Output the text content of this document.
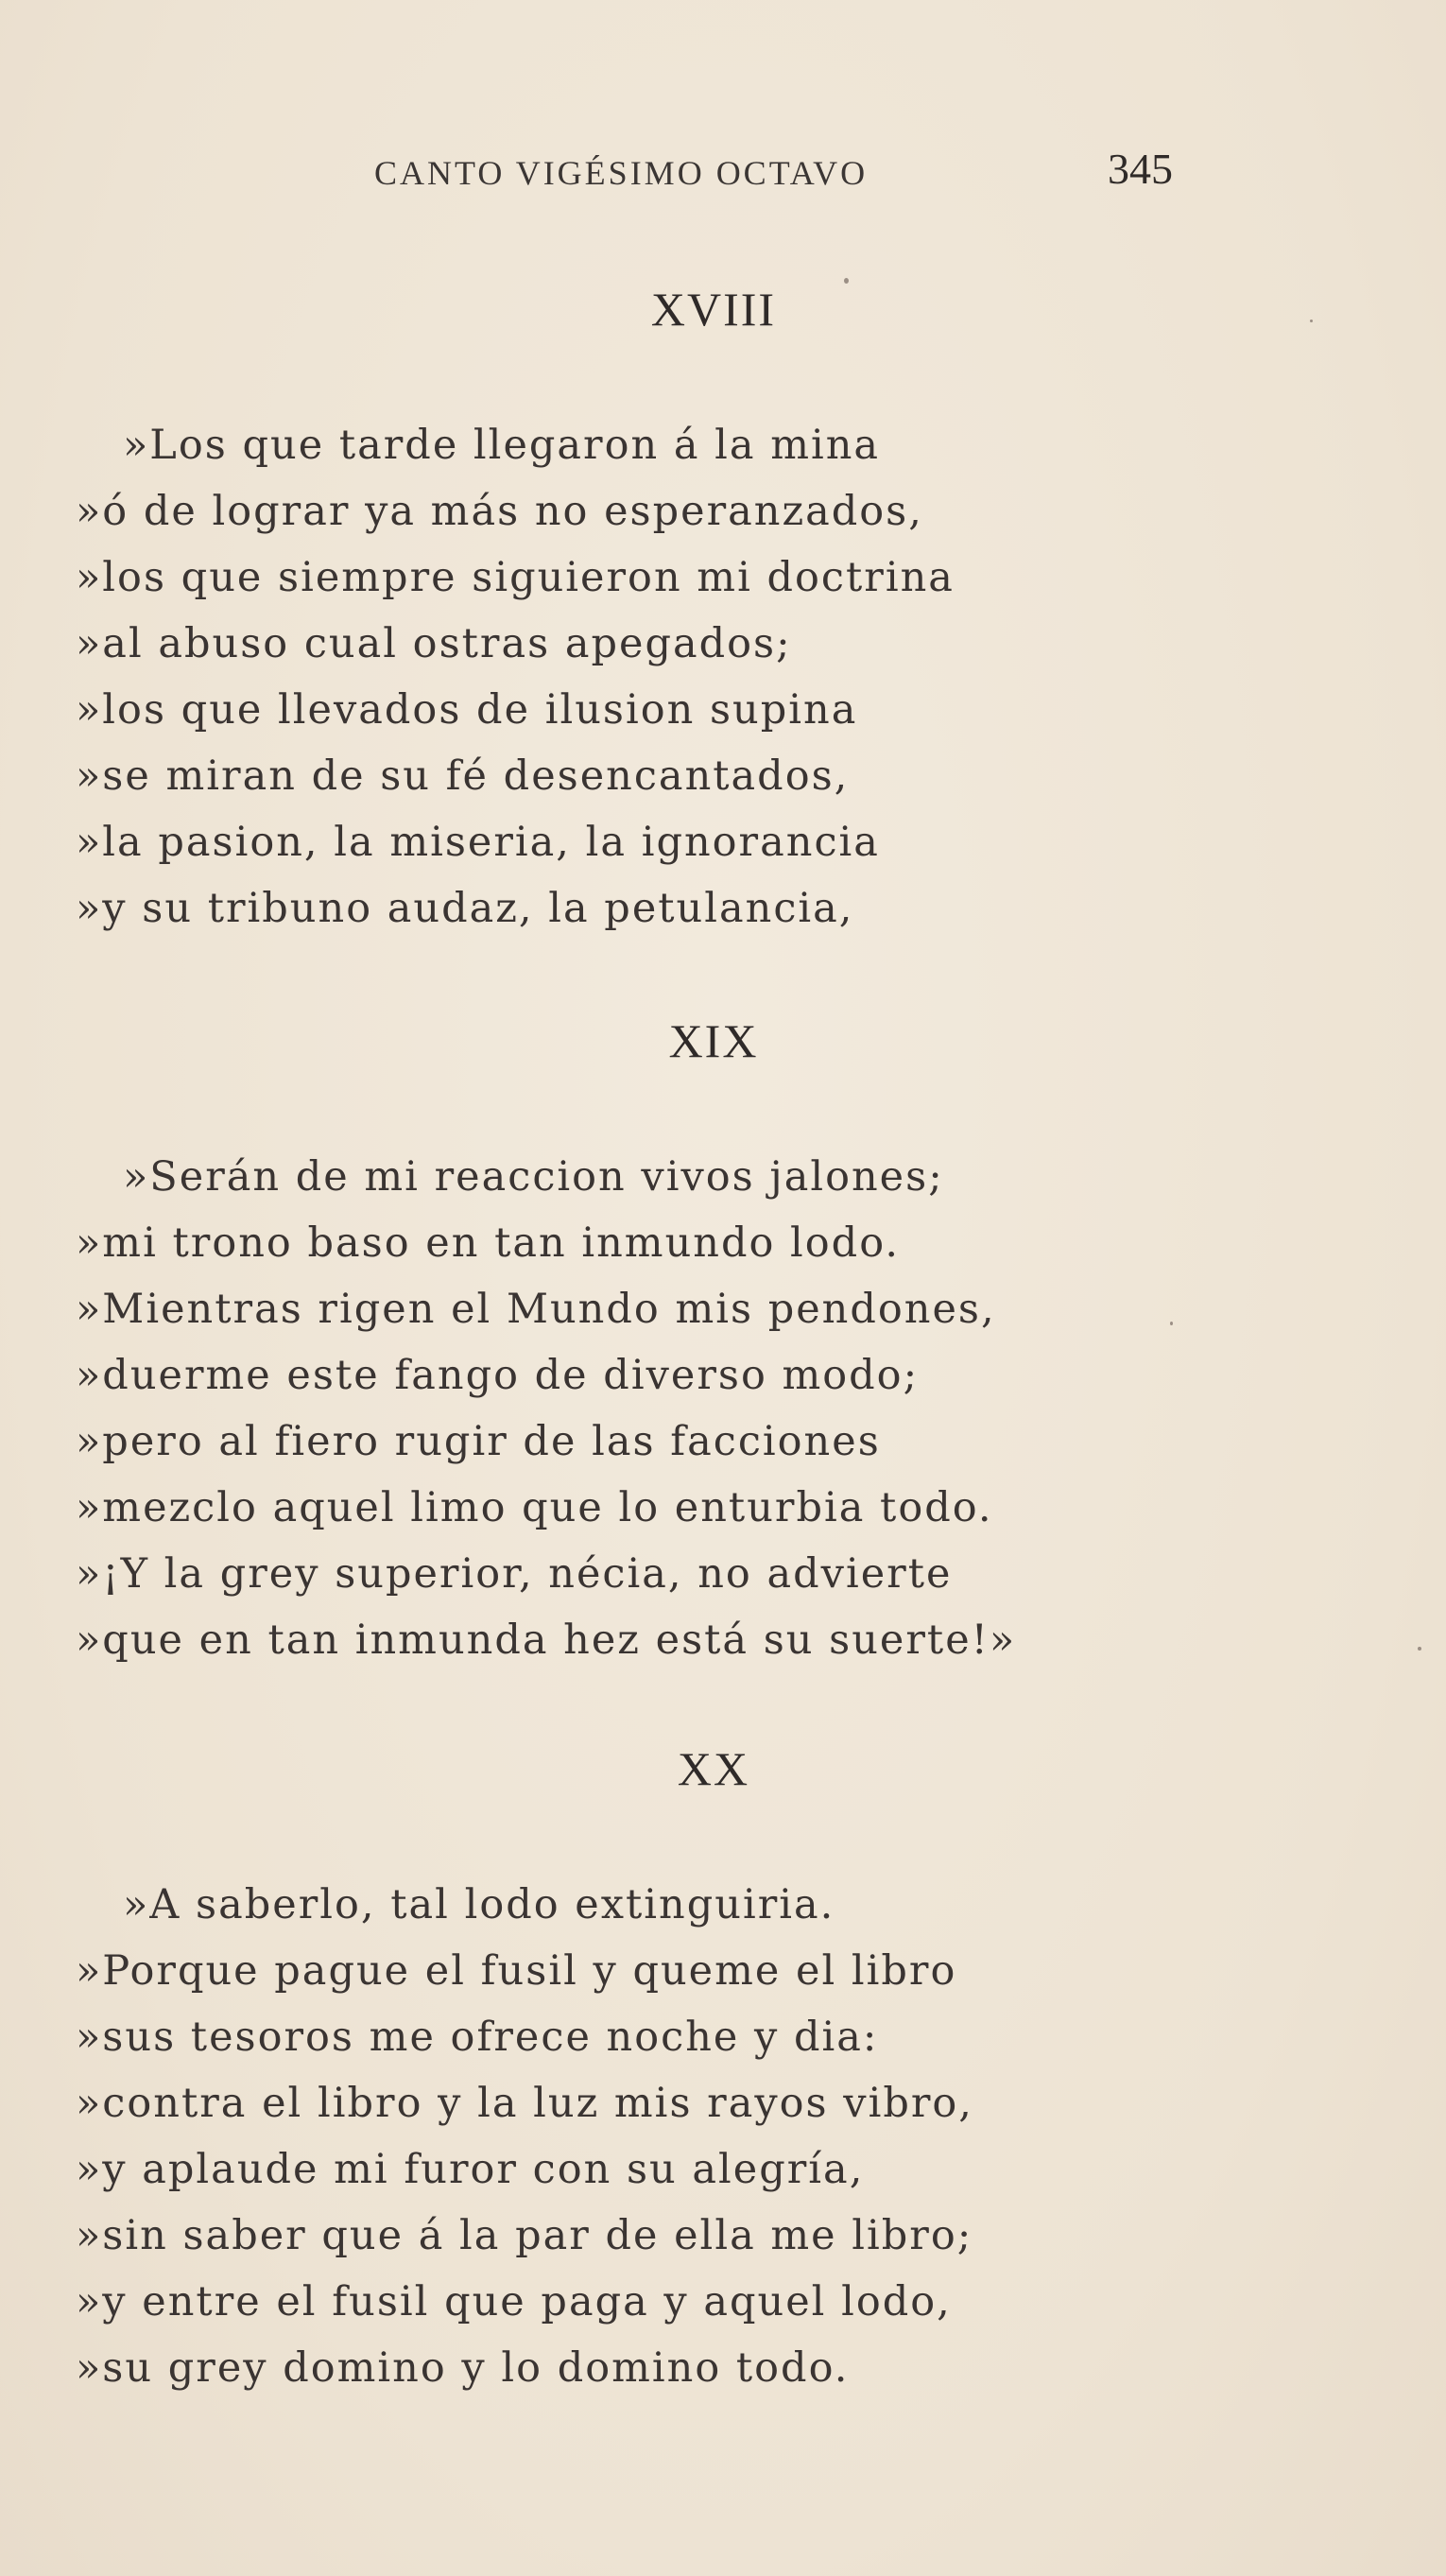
CANTO VIGÉSIMO OCTAVO	345
XVIII
»Los que tarde llegaron á la mina
»ó de lograr ya más no esperanzados,
»los que siempre siguieron mi doctrina
»al abuso cual ostras apegados;
»los que llevados de ilusion supina
»se miran de su fé desencantados,
»la pasion, la miseria, la ignorancia
»y su tribuno audaz, la petulancia,
XIX
»Serán de mi reaccion vivos jalones;
»mi trono baso en tan inmundo lodo.
»Mientras rigen el Mundo mis pendones,
»duerme este fango de diverso modo;
»pero al fiero rugir de las facciones
»mezclo aquel limo que lo enturbia todo.
»¡Y la grey superior, nécia, no advierte
»que en tan inmunda hez está su suerte!»
XX
»A saberlo, tal lodo extinguiria.
»Porque pague el fusil y queme el libro
»sus tesoros me ofrece noche y dia:
»contra el libro y la luz mis rayos vibro,
»y aplaude mi furor con su alegría,
»sin saber que á la par de ella me libro;
»y entre el fusil que paga y aquel lodo,
»su grey domino y lo domino todo.
